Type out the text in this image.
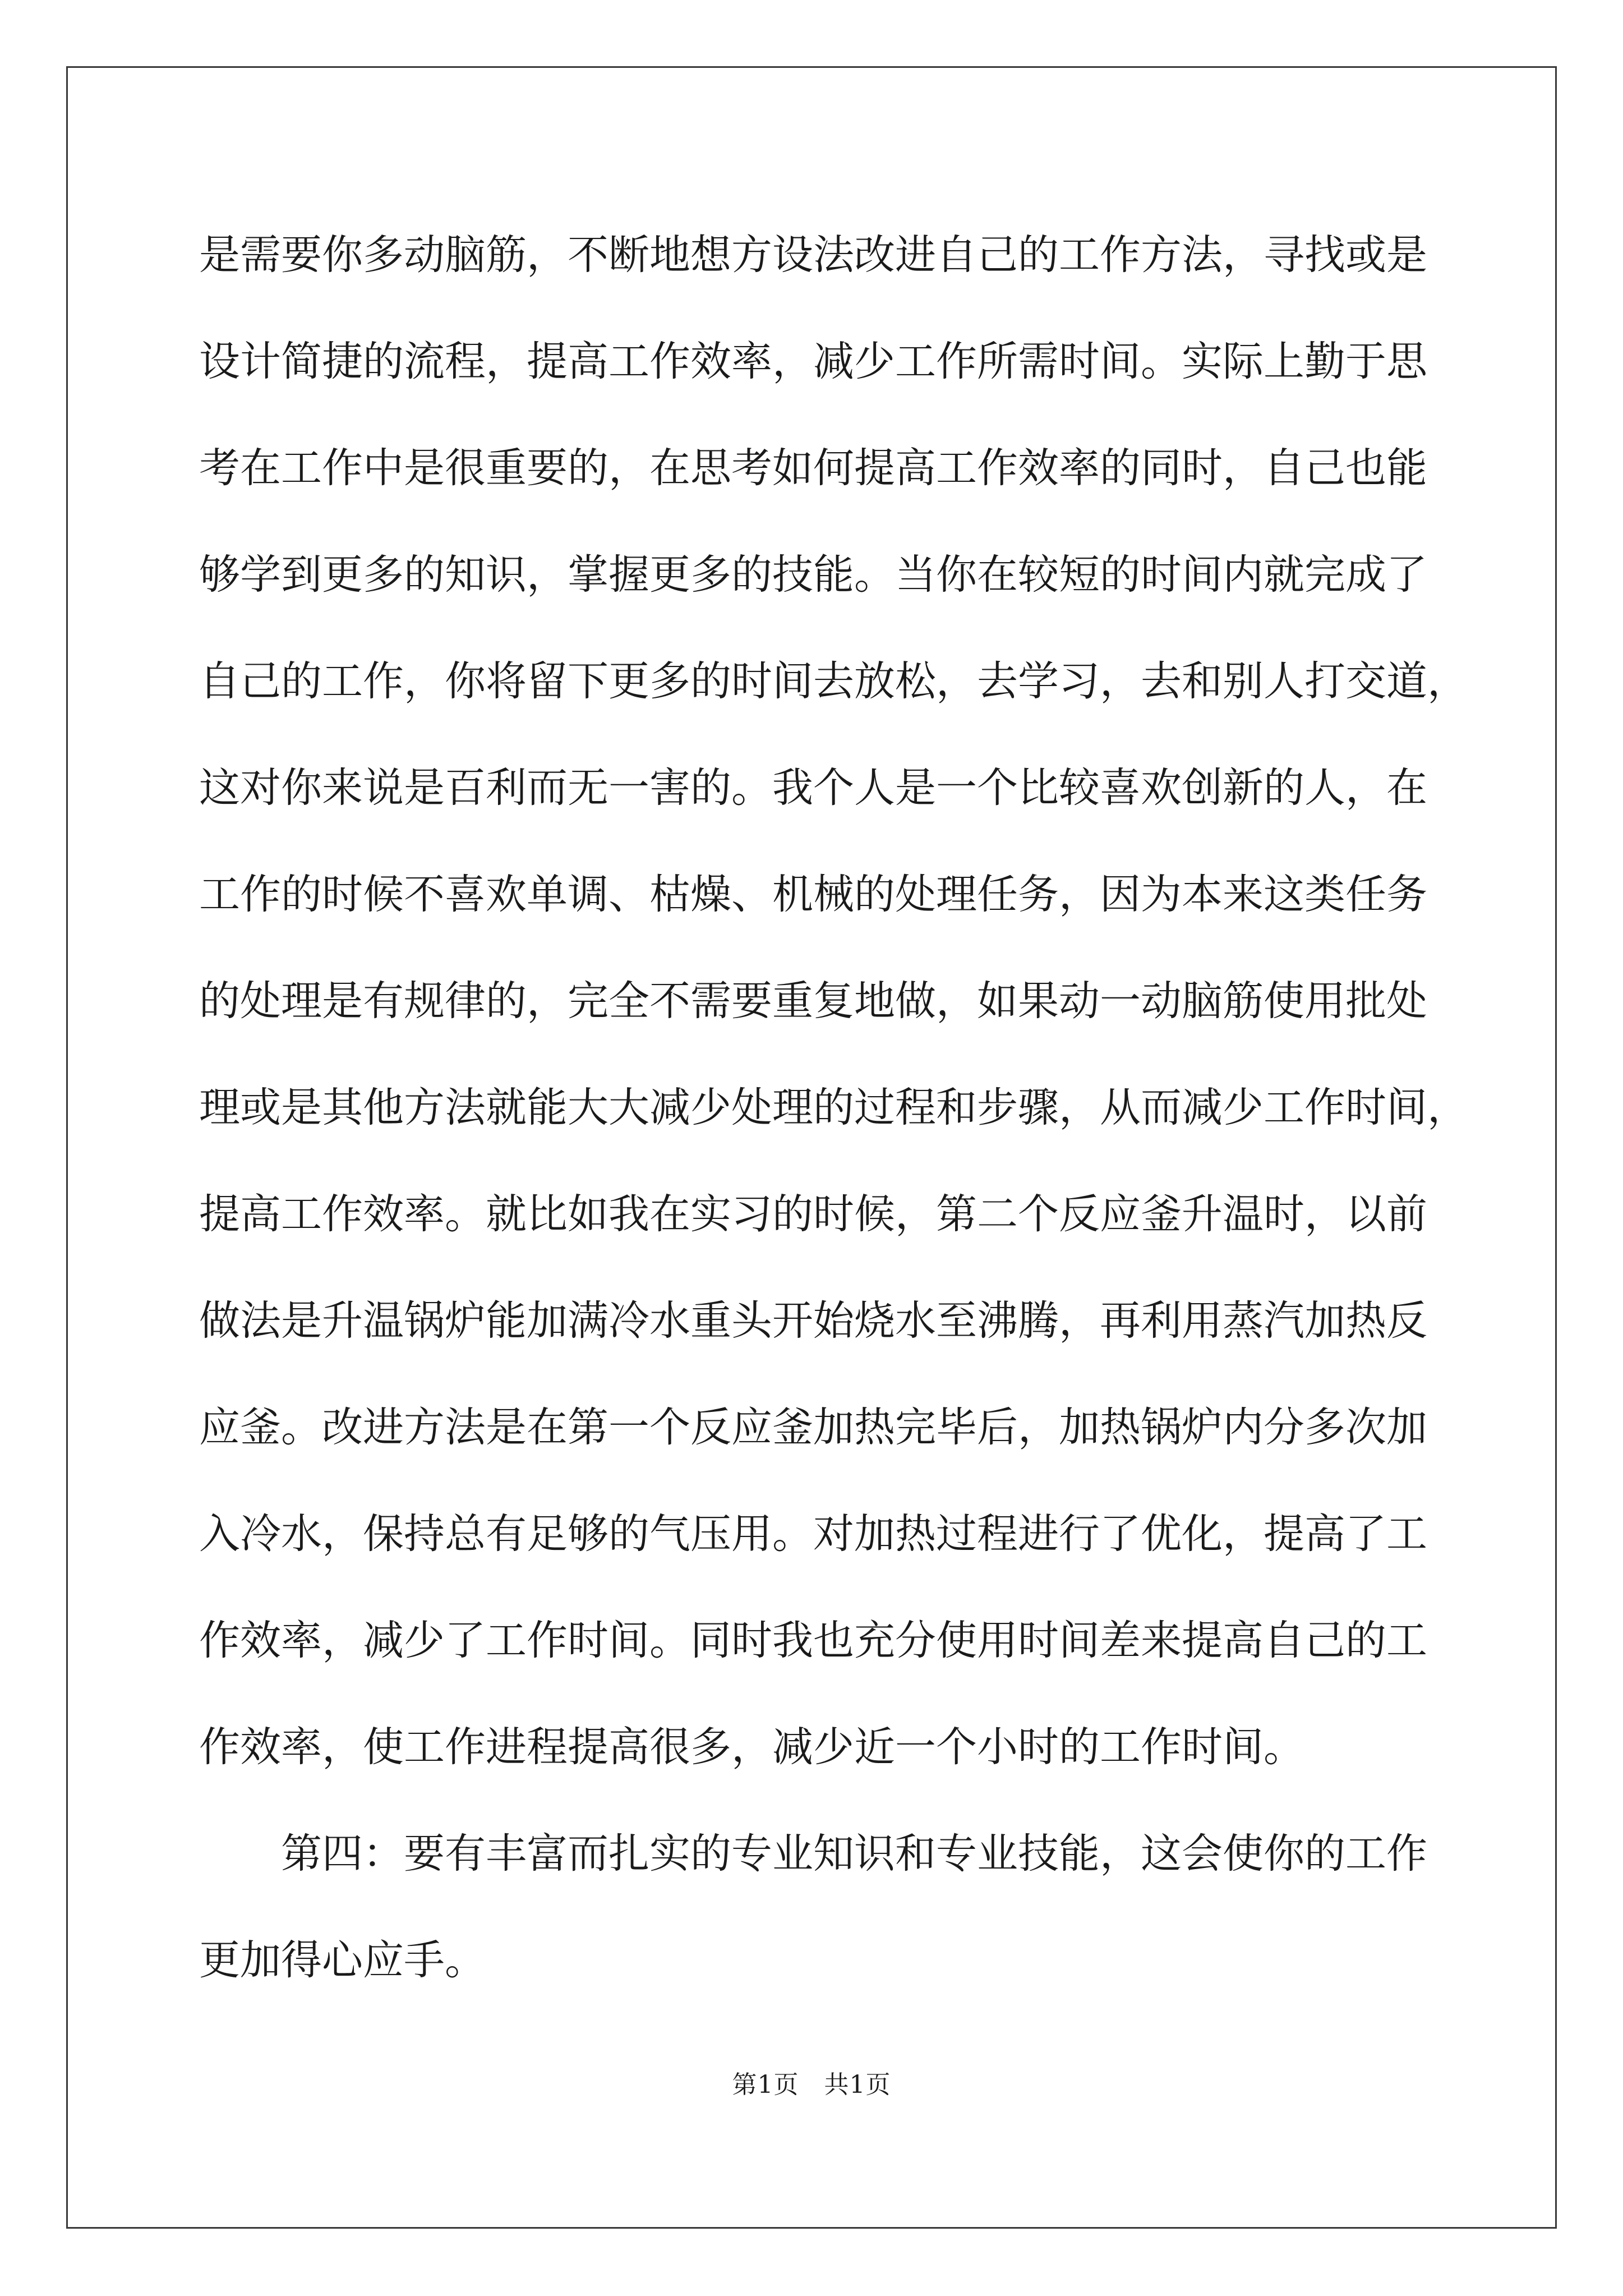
是需要你多动脑筋，不断地想方设法改进自己的工作方法，寻找或是
设计简捷的流程，提高工作效率，减少工作所需时间。实际上勤于思
考在工作中是很重要的，在思考如何提高工作效率的同时，自己也能
够学到更多的知识，掌握更多的技能。当你在较短的时间内就完成了
自己的工作，你将留下更多的时间去放松，去学习，去和别人打交道，
这对你来说是百利而无一害的。我个人是一个比较喜欢创新的人，在
工作的时候不喜欢单调、枯燥、机械的处理任务，因为本来这类任务
的处理是有规律的，完全不需要重复地做，如果动一动脑筋使用批处
理或是其他方法就能大大减少处理的过程和步骤，从而减少工作时间，
提高工作效率。就比如我在实习的时候，第二个反应釜升温时，以前
做法是升温锅炉能加满冷水重头开始烧水至沸腾，再利用蒸汽加热反
应釜。改进方法是在第一个反应釜加热完毕后，加热锅炉内分多次加
入冷水，保持总有足够的气压用。对加热过程进行了优化，提高了工
作效率，减少了工作时间。同时我也充分使用时间差来提高自己的工
作效率，使工作进程提高很多，减少近一个小时的工作时间。
第四：要有丰富而扎实的专业知识和专业技能，这会使你的工作
更加得心应手。
第1页　共1页
